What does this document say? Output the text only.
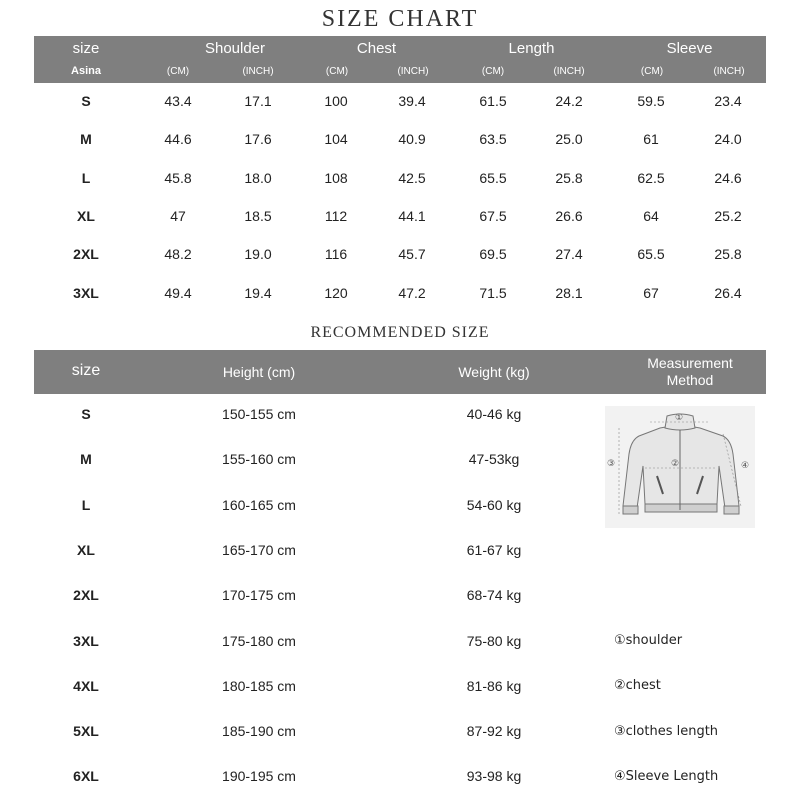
SIZE CHART
size
Asina
Shoulder
(CM)	(INCH)
Chest
(CM)	(INCH)
Length
(CM)	(INCH)
Sleeve
(CM)	(INCH)
S	43.4	17.1	100	39.4	61.5	24.2	59.5	23.4
M	44.6	17.6	104	40.9	63.5	25.0	61	24.0
L	45.8	18.0	108	42.5	65.5	25.8	62.5	24.6
XL	47	18.5	112	44.1	67.5	26.6	64	25.2
2XL	48.2	19.0	116	45.7	69.5	27.4	65.5	25.8
3XL	49.4	19.4	120	47.2	71.5	28.1	67	26.4
RECOMMENDED SIZE
size	Height (cm)	Weight (kg)
Measurement
Method
S	150-155 cm	40-46 kg
M	155-160 cm	47-53kg
L	160-165 cm	54-60 kg
XL	165-170 cm	61-67 kg
2XL	170-175 cm	68-74 kg
3XL	175-180 cm	75-80 kg
4XL	180-185 cm	81-86 kg
5XL	185-190 cm	87-92 kg
6XL	190-195 cm	93-98 kg
①
②
③	④
①shoulder
②chest
③clothes length
④Sleeve Length
